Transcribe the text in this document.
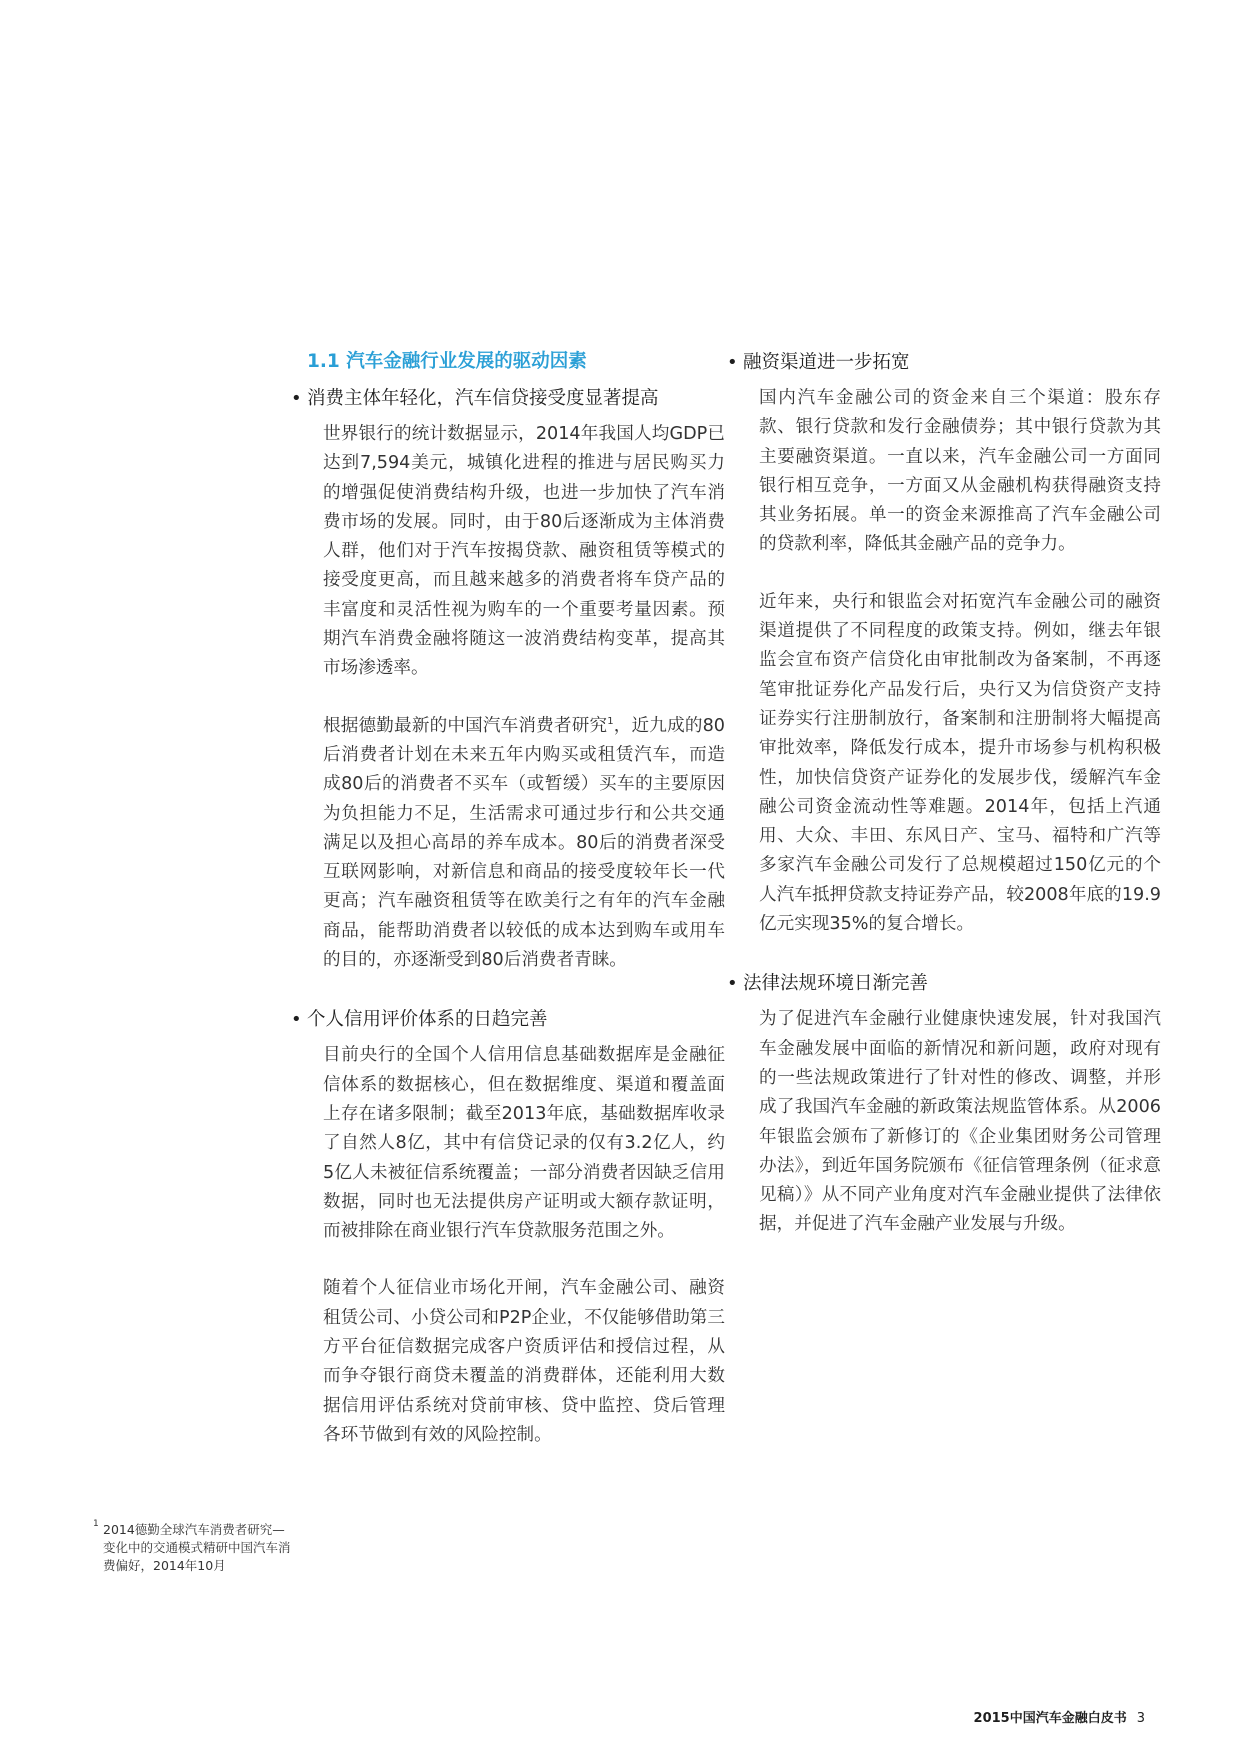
1.1 汽车金融行业发展的驱动因素
• 消费主体年轻化，汽车信贷接受度显著提高

世界银行的统计数据显示，2014年我国人均GDP已达到7,594美元，城镇化进程的推进与居民购买力的增强促使消费结构升级，也进一步加快了汽车消费市场的发展。同时，由于80后逐渐成为主体消费人群，他们对于汽车按揭贷款、融资租赁等模式的接受度更高，而且越来越多的消费者将车贷产品的丰富度和灵活性视为购车的一个重要考量因素。预期汽车消费金融将随这一波消费结构变革，提高其市场渗透率。

根据德勤最新的中国汽车消费者研究$^1$，近九成的80后消费者计划在未来五年内购买或租赁汽车，而造成80后的消费者不买车（或暂缓）买车的主要原因为负担能力不足，生活需求可通过步行和公共交通满足以及担心高昂的养车成本。80后的消费者深受互联网影响，对新信息和商品的接受度较年长一代更高；汽车融资租赁等在欧美行之有年的汽车金融商品，能帮助消费者以较低的成本达到购车或用车的目的，亦逐渐受到80后消费者青睐。

• 个人信用评价体系的日趋完善

目前央行的全国个人信用信息基础数据库是金融征信体系的数据核心，但在数据维度、渠道和覆盖面上存在诸多限制；截至2013年底，基础数据库收录了自然人8亿，其中有信贷记录的仅有3.2亿人，约5亿人未被征信系统覆盖；一部分消费者因缺乏信用数据，同时也无法提供房产证明或大额存款证明，而被排除在商业银行汽车贷款服务范围之外。

随着个人征信业市场化开闸，汽车金融公司、融资租赁公司、小贷公司和P2P企业，不仅能够借助第三方平台征信数据完成客户资质评估和授信过程，从而争夺银行商贷未覆盖的消费群体，还能利用大数据信用评估系统对贷前审核、贷中监控、贷后管理各环节做到有效的风险控制。

• 融资渠道进一步拓宽

国内汽车金融公司的资金来自三个渠道：股东存款、银行贷款和发行金融债券；其中银行贷款为其主要融资渠道。一直以来，汽车金融公司一方面同银行相互竞争，一方面又从金融机构获得融资支持其业务拓展。单一的资金来源推高了汽车金融公司的贷款利率，降低其金融产品的竞争力。

近年来，央行和银监会对拓宽汽车金融公司的融资渠道提供了不同程度的政策支持。例如，继去年银监会宣布资产信贷化由审批制改为备案制，不再逐笔审批证券化产品发行后，央行又为信贷资产支持证券实行注册制放行，备案制和注册制将大幅提高审批效率，降低发行成本，提升市场参与机构积极性，加快信贷资产证券化的发展步伐，缓解汽车金融公司资金流动性等难题。2014年，包括上汽通用、大众、丰田、东风日产、宝马、福特和广汽等多家汽车金融公司发行了总规模超过150亿元的个人汽车抵押贷款支持证券产品，较2008年底的19.9亿元实现35%的复合增长。

• 法律法规环境日渐完善

为了促进汽车金融行业健康快速发展，针对我国汽车金融发展中面临的新情况和新问题，政府对现有的一些法规政策进行了针对性的修改、调整，并形成了我国汽车金融的新政策法规监管体系。从2006年银监会颁布了新修订的《企业集团财务公司管理办法》，到近年国务院颁布《征信管理条例（征求意见稿）》从不同产业角度对汽车金融业提供了法律依据，并促进了汽车金融产业发展与升级。

1 2014德勤全球汽车消费者研究—变化中的交通模式精研中国汽车消费偏好，2014年10月
2015中国汽车金融白皮书 3
